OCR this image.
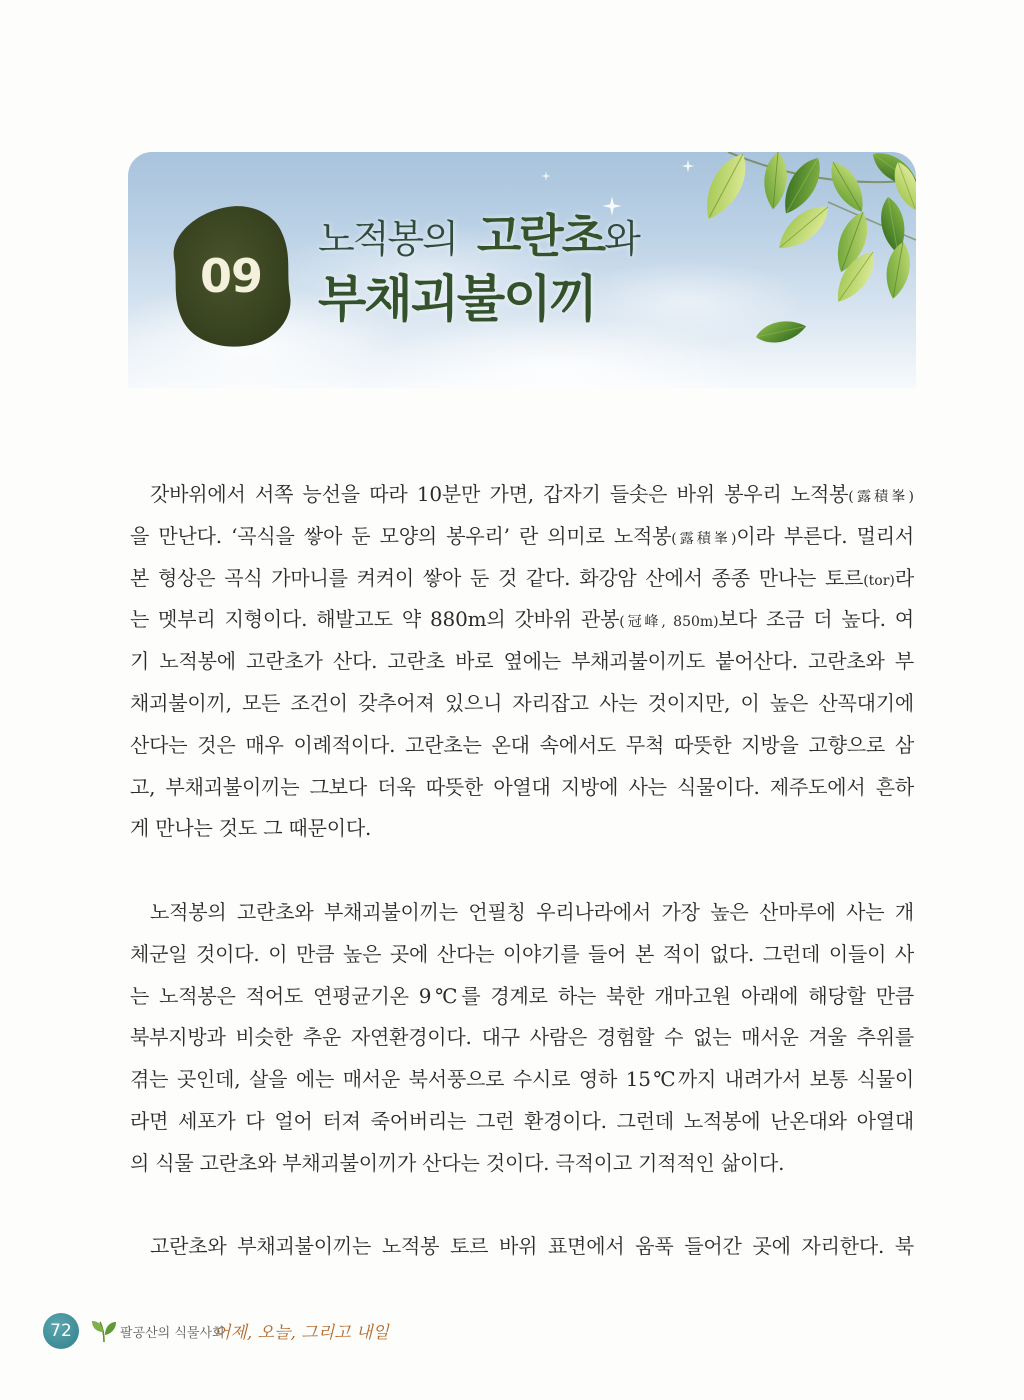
09
노적봉의 고란초와
부채괴불이끼
갓바위에서 서쪽 능선을 따라 10분만 가면, 갑자기 들솟은 바위 봉우리 노적봉(露積峯)
을 만난다. ‘곡식을 쌓아 둔 모양의 봉우리’ 란 의미로 노적봉(露積峯)이라 부른다. 멀리서
본 형상은 곡식 가마니를 켜켜이 쌓아 둔 것 같다. 화강암 산에서 종종 만나는 토르(tor)라
는 멧부리 지형이다. 해발고도 약 880m의 갓바위 관봉(冠峰, 850m)보다 조금 더 높다. 여
기 노적봉에 고란초가 산다. 고란초 바로 옆에는 부채괴불이끼도 붙어산다. 고란초와 부
채괴불이끼, 모든 조건이 갖추어져 있으니 자리잡고 사는 것이지만, 이 높은 산꼭대기에
산다는 것은 매우 이례적이다. 고란초는 온대 속에서도 무척 따뜻한 지방을 고향으로 삼
고, 부채괴불이끼는 그보다 더욱 따뜻한 아열대 지방에 사는 식물이다. 제주도에서 흔하
게 만나는 것도 그 때문이다.
노적봉의 고란초와 부채괴불이끼는 언필칭 우리나라에서 가장 높은 산마루에 사는 개
체군일 것이다. 이 만큼 높은 곳에 산다는 이야기를 들어 본 적이 없다. 그런데 이들이 사
는 노적봉은 적어도 연평균기온 9℃를 경계로 하는 북한 개마고원 아래에 해당할 만큼
북부지방과 비슷한 추운 자연환경이다. 대구 사람은 경험할 수 없는 매서운 겨울 추위를
겪는 곳인데, 살을 에는 매서운 북서풍으로 수시로 영하 15℃까지 내려가서 보통 식물이
라면 세포가 다 얼어 터져 죽어버리는 그런 환경이다. 그런데 노적봉에 난온대와 아열대
의 식물 고란초와 부채괴불이끼가 산다는 것이다. 극적이고 기적적인 삶이다.
고란초와 부채괴불이끼는 노적봉 토르 바위 표면에서 움푹 들어간 곳에 자리한다. 북
72	팔공산의 식물사회
어제, 오늘, 그리고 내일
